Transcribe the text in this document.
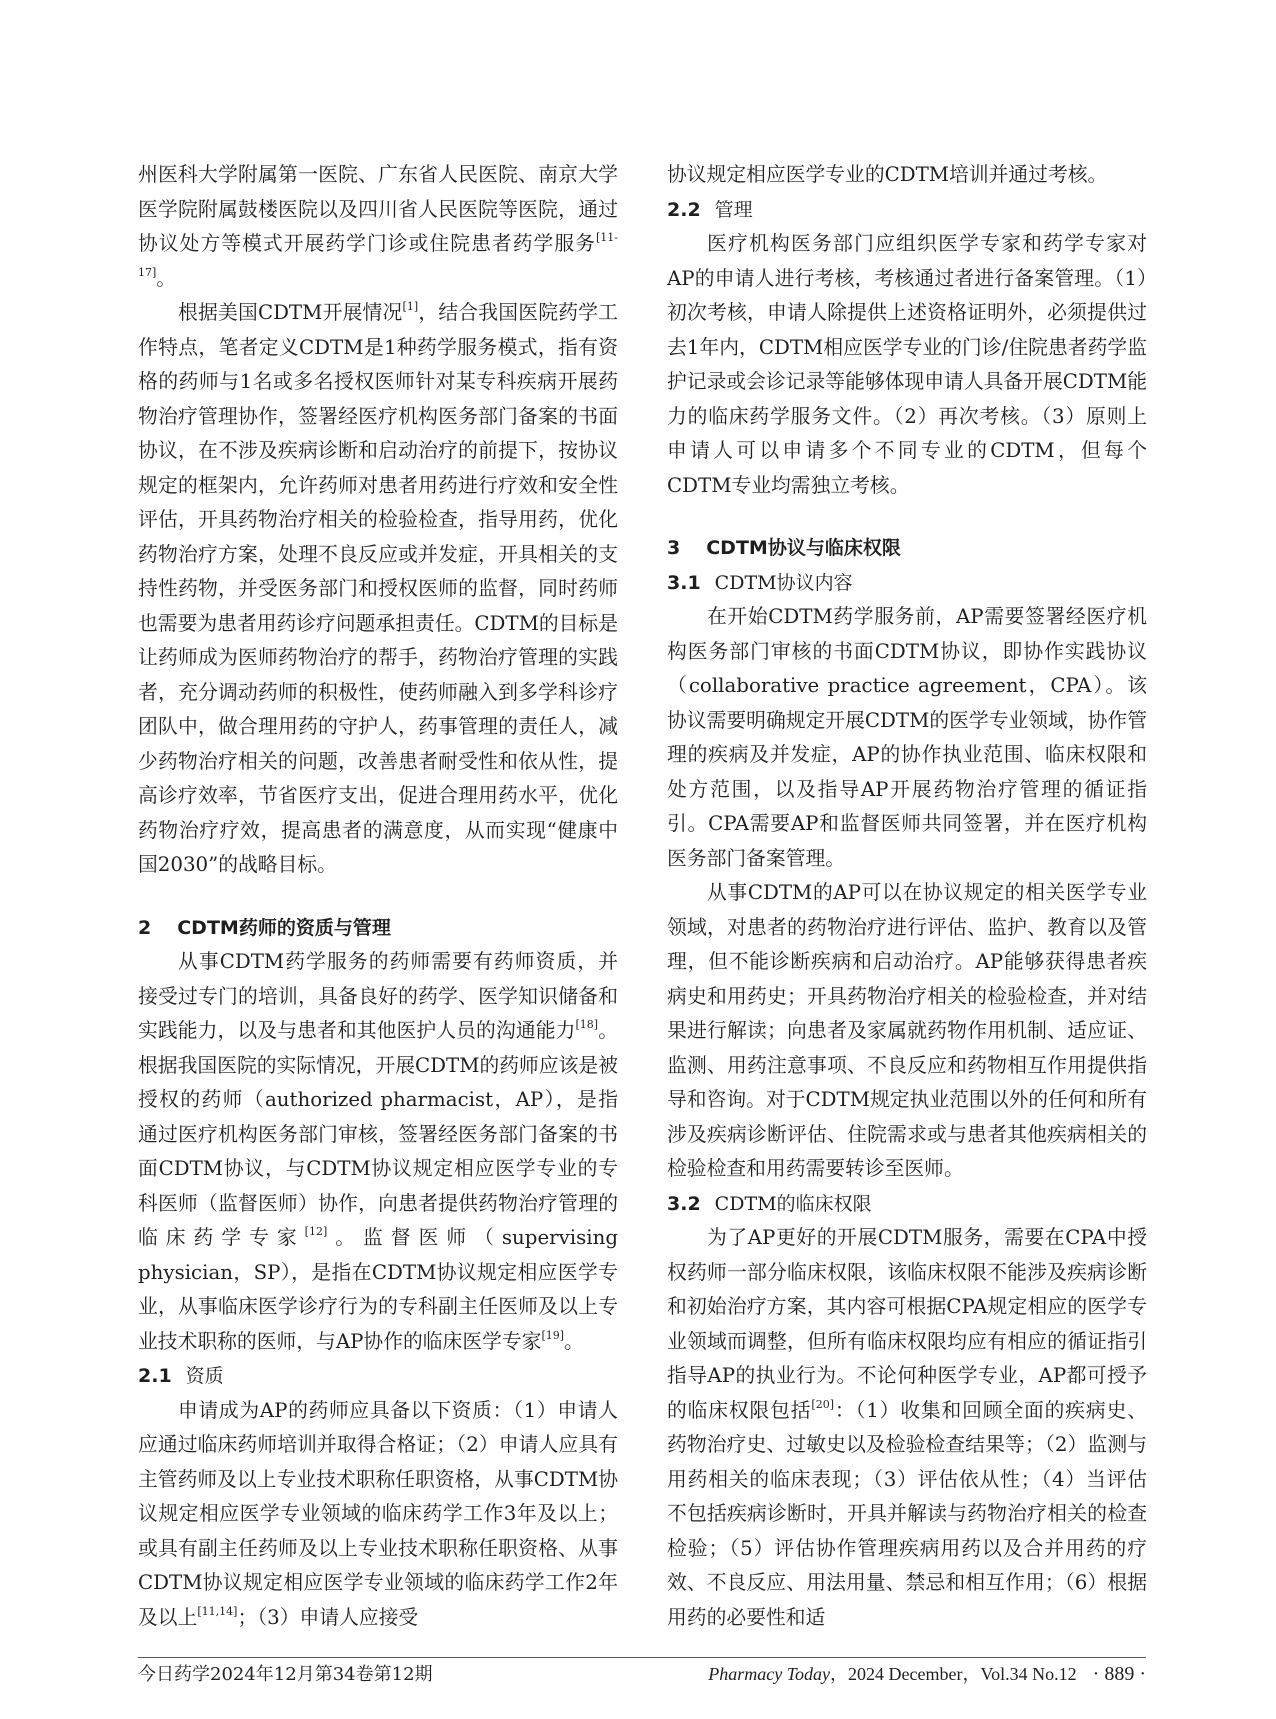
州医科大学附属第一医院、广东省人民医院、南京大学医学院附属鼓楼医院以及四川省人民医院等医院，通过协议处方等模式开展药学门诊或住院患者药学服务[11-17]。

根据美国CDTM开展情况[1]，结合我国医院药学工作特点，笔者定义CDTM是1种药学服务模式，指有资格的药师与1名或多名授权医师针对某专科疾病开展药物治疗管理协作，签署经医疗机构医务部门备案的书面协议，在不涉及疾病诊断和启动治疗的前提下，按协议规定的框架内，允许药师对患者用药进行疗效和安全性评估，开具药物治疗相关的检验检查，指导用药，优化药物治疗方案，处理不良反应或并发症，开具相关的支持性药物，并受医务部门和授权医师的监督，同时药师也需要为患者用药诊疗问题承担责任。CDTM的目标是让药师成为医师药物治疗的帮手，药物治疗管理的实践者，充分调动药师的积极性，使药师融入到多学科诊疗团队中，做合理用药的守护人，药事管理的责任人，减少药物治疗相关的问题，改善患者耐受性和依从性，提高诊疗效率，节省医疗支出，促进合理用药水平，优化药物治疗疗效，提高患者的满意度，从而实现“健康中国2030”的战略目标。

2 CDTM药师的资质与管理

从事CDTM药学服务的药师需要有药师资质，并接受过专门的培训，具备良好的药学、医学知识储备和实践能力，以及与患者和其他医护人员的沟通能力[18]。根据我国医院的实际情况，开展CDTM的药师应该是被授权的药师（authorized pharmacist，AP），是指通过医疗机构医务部门审核，签署经医务部门备案的书面CDTM协议，与CDTM协议规定相应医学专业的专科医师（监督医师）协作，向患者提供药物治疗管理的临床药学专家[12]。监督医师（supervising physician，SP），是指在CDTM协议规定相应医学专业，从事临床医学诊疗行为的专科副主任医师及以上专业技术职称的医师，与AP协作的临床医学专家[19]。

2.1 资质

申请成为AP的药师应具备以下资质：（1）申请人应通过临床药师培训并取得合格证；（2）申请人应具有主管药师及以上专业技术职称任职资格，从事CDTM协议规定相应医学专业领域的临床药学工作3年及以上；或具有副主任药师及以上专业技术职称任职资格、从事CDTM协议规定相应医学专业领域的临床药学工作2年及以上[11,14]；（3）申请人应接受

协议规定相应医学专业的CDTM培训并通过考核。

2.2 管理

医疗机构医务部门应组织医学专家和药学专家对AP的申请人进行考核，考核通过者进行备案管理。（1）初次考核，申请人除提供上述资格证明外，必须提供过去1年内，CDTM相应医学专业的门诊/住院患者药学监护记录或会诊记录等能够体现申请人具备开展CDTM能力的临床药学服务文件。（2）再次考核。（3）原则上申请人可以申请多个不同专业的CDTM，但每个CDTM专业均需独立考核。

3 CDTM协议与临床权限
3.1 CDTM协议内容

在开始CDTM药学服务前，AP需要签署经医疗机构医务部门审核的书面CDTM协议，即协作实践协议（collaborative practice agreement，CPA）。该协议需要明确规定开展CDTM的医学专业领域，协作管理的疾病及并发症，AP的协作执业范围、临床权限和处方范围，以及指导AP开展药物治疗管理的循证指引。CPA需要AP和监督医师共同签署，并在医疗机构医务部门备案管理。

从事CDTM的AP可以在协议规定的相关医学专业领域，对患者的药物治疗进行评估、监护、教育以及管理，但不能诊断疾病和启动治疗。AP能够获得患者疾病史和用药史；开具药物治疗相关的检验检查，并对结果进行解读；向患者及家属就药物作用机制、适应证、监测、用药注意事项、不良反应和药物相互作用提供指导和咨询。对于CDTM规定执业范围以外的任何和所有涉及疾病诊断评估、住院需求或与患者其他疾病相关的检验检查和用药需要转诊至医师。

3.2 CDTM的临床权限

为了AP更好的开展CDTM服务，需要在CPA中授权药师一部分临床权限，该临床权限不能涉及疾病诊断和初始治疗方案，其内容可根据CPA规定相应的医学专业领域而调整，但所有临床权限均应有相应的循证指引指导AP的执业行为。不论何种医学专业，AP都可授予的临床权限包括[20]：（1）收集和回顾全面的疾病史、药物治疗史、过敏史以及检验检查结果等；（2）监测与用药相关的临床表现；（3）评估依从性；（4）当评估不包括疾病诊断时，开具并解读与药物治疗相关的检查检验；（5）评估协作管理疾病用药以及合并用药的疗效、不良反应、用法用量、禁忌和相互作用；（6）根据用药的必要性和适

今日药学2024年12月第34卷第12期	Pharmacy Today，2024 December，Vol.34 No.12 · 889 ·
